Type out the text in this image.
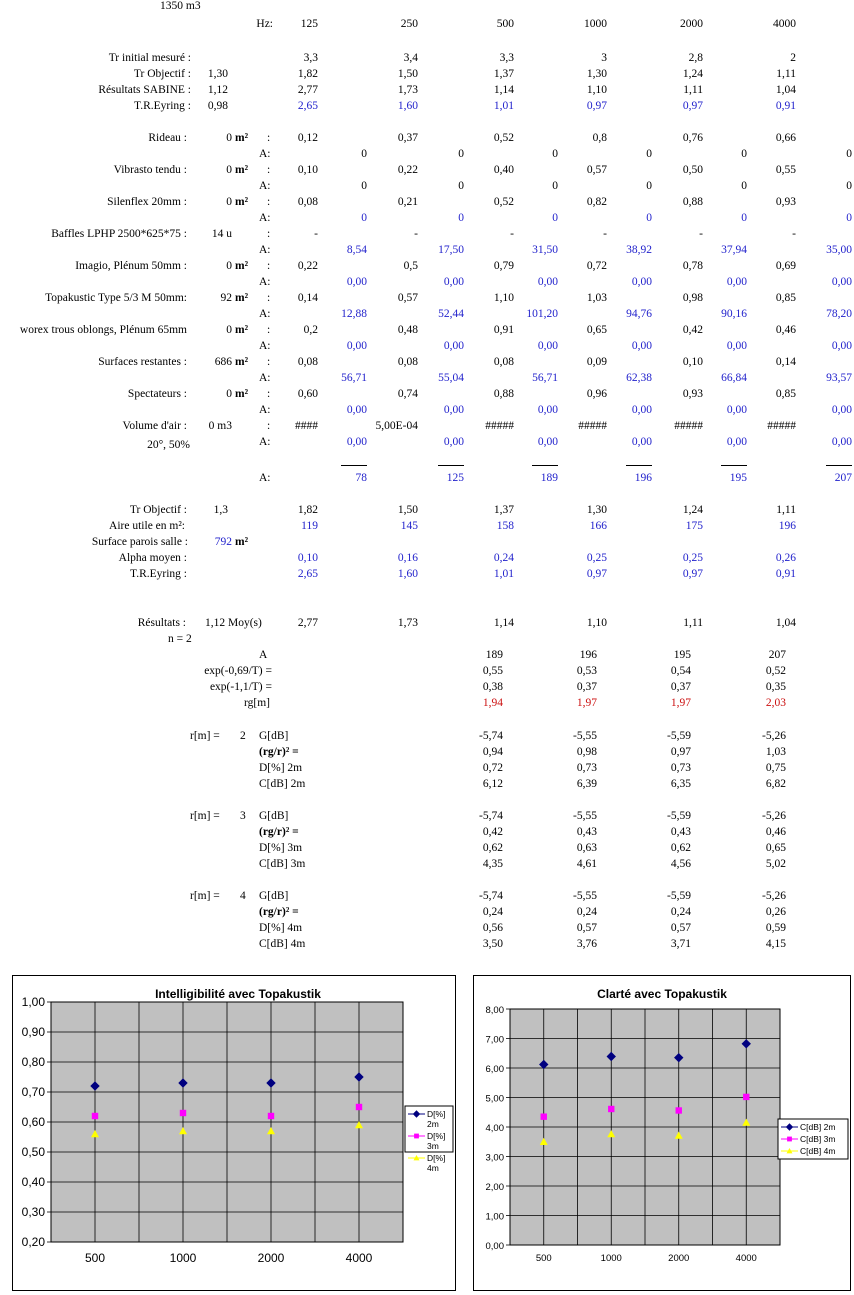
1350 m3
Hz: 125	250	500	1000	2000	4000
Tr initial mesuré :	3,3	3,4	3,3	3	2,8	2
Tr Objectif : 1,30	1,82	1,50	1,37	1,30	1,24	1,11
Résultats SABINE : 1,12	2,77	1,73	1,14	1,10	1,11	1,04
T.R.Eyring : 0,98	2,65	1,60	1,01	0,97	0,97	0,91
Rideau :	0 m² : 0,12	0,37	0,52	0,8	0,76	0,66
A:	0	0	0	0	0	0
Vibrasto tendu :	0 m² : 0,10	0,22	0,40	0,57	0,50	0,55
A:	0	0	0	0	0	0
Silenflex 20mm :	0 m² : 0,08	0,21	0,52	0,82	0,88	0,93
A:	0	0	0	0	0	0
Baffles LPHP 2500*625*75 : 14 u	:	-	-	-	-	-	-
A:	8,54	17,50	31,50	38,92	37,94	35,00
Imagio, Plénum 50mm :	0 m² : 0,22	0,5	0,79	0,72	0,78	0,69
A:	0,00	0,00	0,00	0,00	0,00	0,00
Topakustic Type 5/3 M 50mm:	92 m² : 0,14	0,57	1,10	1,03	0,98	0,85
A:	12,88	52,44	101,20	94,76	90,16	78,20
worex trous oblongs, Plénum 65mm	0 m² :	0,2	0,48	0,91	0,65	0,42	0,46
A:	0,00	0,00	0,00	0,00	0,00	0,00
Surfaces restantes : 686 m² : 0,08	0,08	0,08	0,09	0,10	0,14
A:	56,71	55,04	56,71	62,38	66,84	93,57
Spectateurs :	0 m² : 0,60	0,74	0,88	0,96	0,93	0,85
A:	0,00	0,00	0,00	0,00	0,00	0,00
Volume d'air : 0 m3	: ####	5,00E-04	#####	#####	#####	#####
A:	0,00	0,00	0,00	0,00	0,00	0,00
20°, 50%
A:	78	125	189	196	195	207
Tr Objectif : 1,3	1,82	1,50	1,37	1,30	1,24	1,11
Aire utile en m²:	119	145	158	166	175	196
Surface parois salle : 792 m²
Alpha moyen :	0,10	0,16	0,24	0,25	0,25	0,26
T.R.Eyring :	2,65	1,60	1,01	0,97	0,97	0,91
Résultats : 1,12 Moy(s)	2,77	1,73	1,14	1,10	1,11	1,04
n = 2
A	189	196	195	207
exp(-0,69/T) =	0,55	0,53	0,54	0,52
exp(-1,1/T) =	0,38	0,37	0,37	0,35
rg[m]	1,94	1,97	1,97	2,03
r[m] = 2 G[dB]	-5,74	-5,55	-5,59	-5,26
(rg/r)² =	0,94	0,98	0,97	1,03
D[%] 2m	0,72	0,73	0,73	0,75
C[dB] 2m	6,12	6,39	6,35	6,82
r[m] = 3 G[dB]	-5,74	-5,55	-5,59	-5,26
(rg/r)² =	0,42	0,43	0,43	0,46
D[%] 3m	0,62	0,63	0,62	0,65
C[dB] 3m	4,35	4,61	4,56	5,02
r[m] = 4 G[dB]	-5,74	-5,55	-5,59	-5,26
(rg/r)² =	0,24	0,24	0,24	0,26
D[%] 4m	0,56	0,57	0,57	0,59
C[dB] 4m	3,50	3,76	3,71	4,15
Intelligibilité avec Topakustik
0,20
0,30
0,40
0,50
0,60
0,70
0,80
0,90
1,00
500	1000	2000	4000
D[%] 2m
D[%] 3m
D[%] 4m
Clarté avec Topakustik
0,00
1,00
2,00
3,00
4,00
5,00
6,00
7,00
8,00
500	1000	2000	4000
C[dB] 2m
C[dB] 3m
C[dB] 4m
